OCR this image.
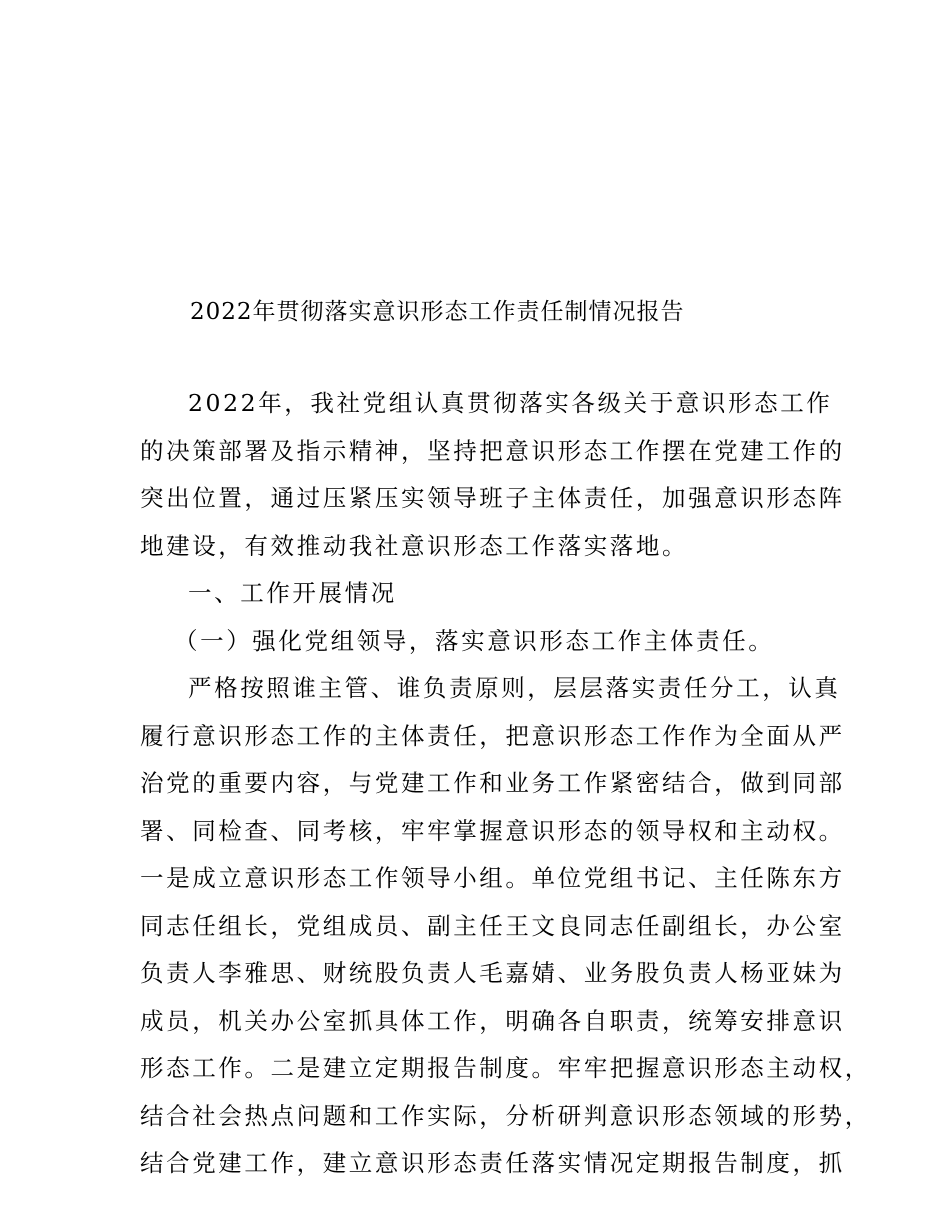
2022年贯彻落实意识形态工作责任制情况报告
2022年，我社党组认真贯彻落实各级关于意识形态工作
的决策部署及指示精神，坚持把意识形态工作摆在党建工作的
突出位置，通过压紧压实领导班子主体责任，加强意识形态阵
地建设，有效推动我社意识形态工作落实落地。
一、工作开展情况
（一）强化党组领导，落实意识形态工作主体责任。
严格按照谁主管、谁负责原则，层层落实责任分工，认真
履行意识形态工作的主体责任，把意识形态工作作为全面从严
治党的重要内容，与党建工作和业务工作紧密结合，做到同部
署、同检查、同考核，牢牢掌握意识形态的领导权和主动权。
一是成立意识形态工作领导小组。单位党组书记、主任陈东方
同志任组长，党组成员、副主任王文良同志任副组长，办公室
负责人李雅思、财统股负责人毛嘉婧、业务股负责人杨亚妹为
成员，机关办公室抓具体工作，明确各自职责，统筹安排意识
形态工作。二是建立定期报告制度。牢牢把握意识形态主动权，
结合社会热点问题和工作实际，分析研判意识形态领域的形势，
结合党建工作，建立意识形态责任落实情况定期报告制度，抓
